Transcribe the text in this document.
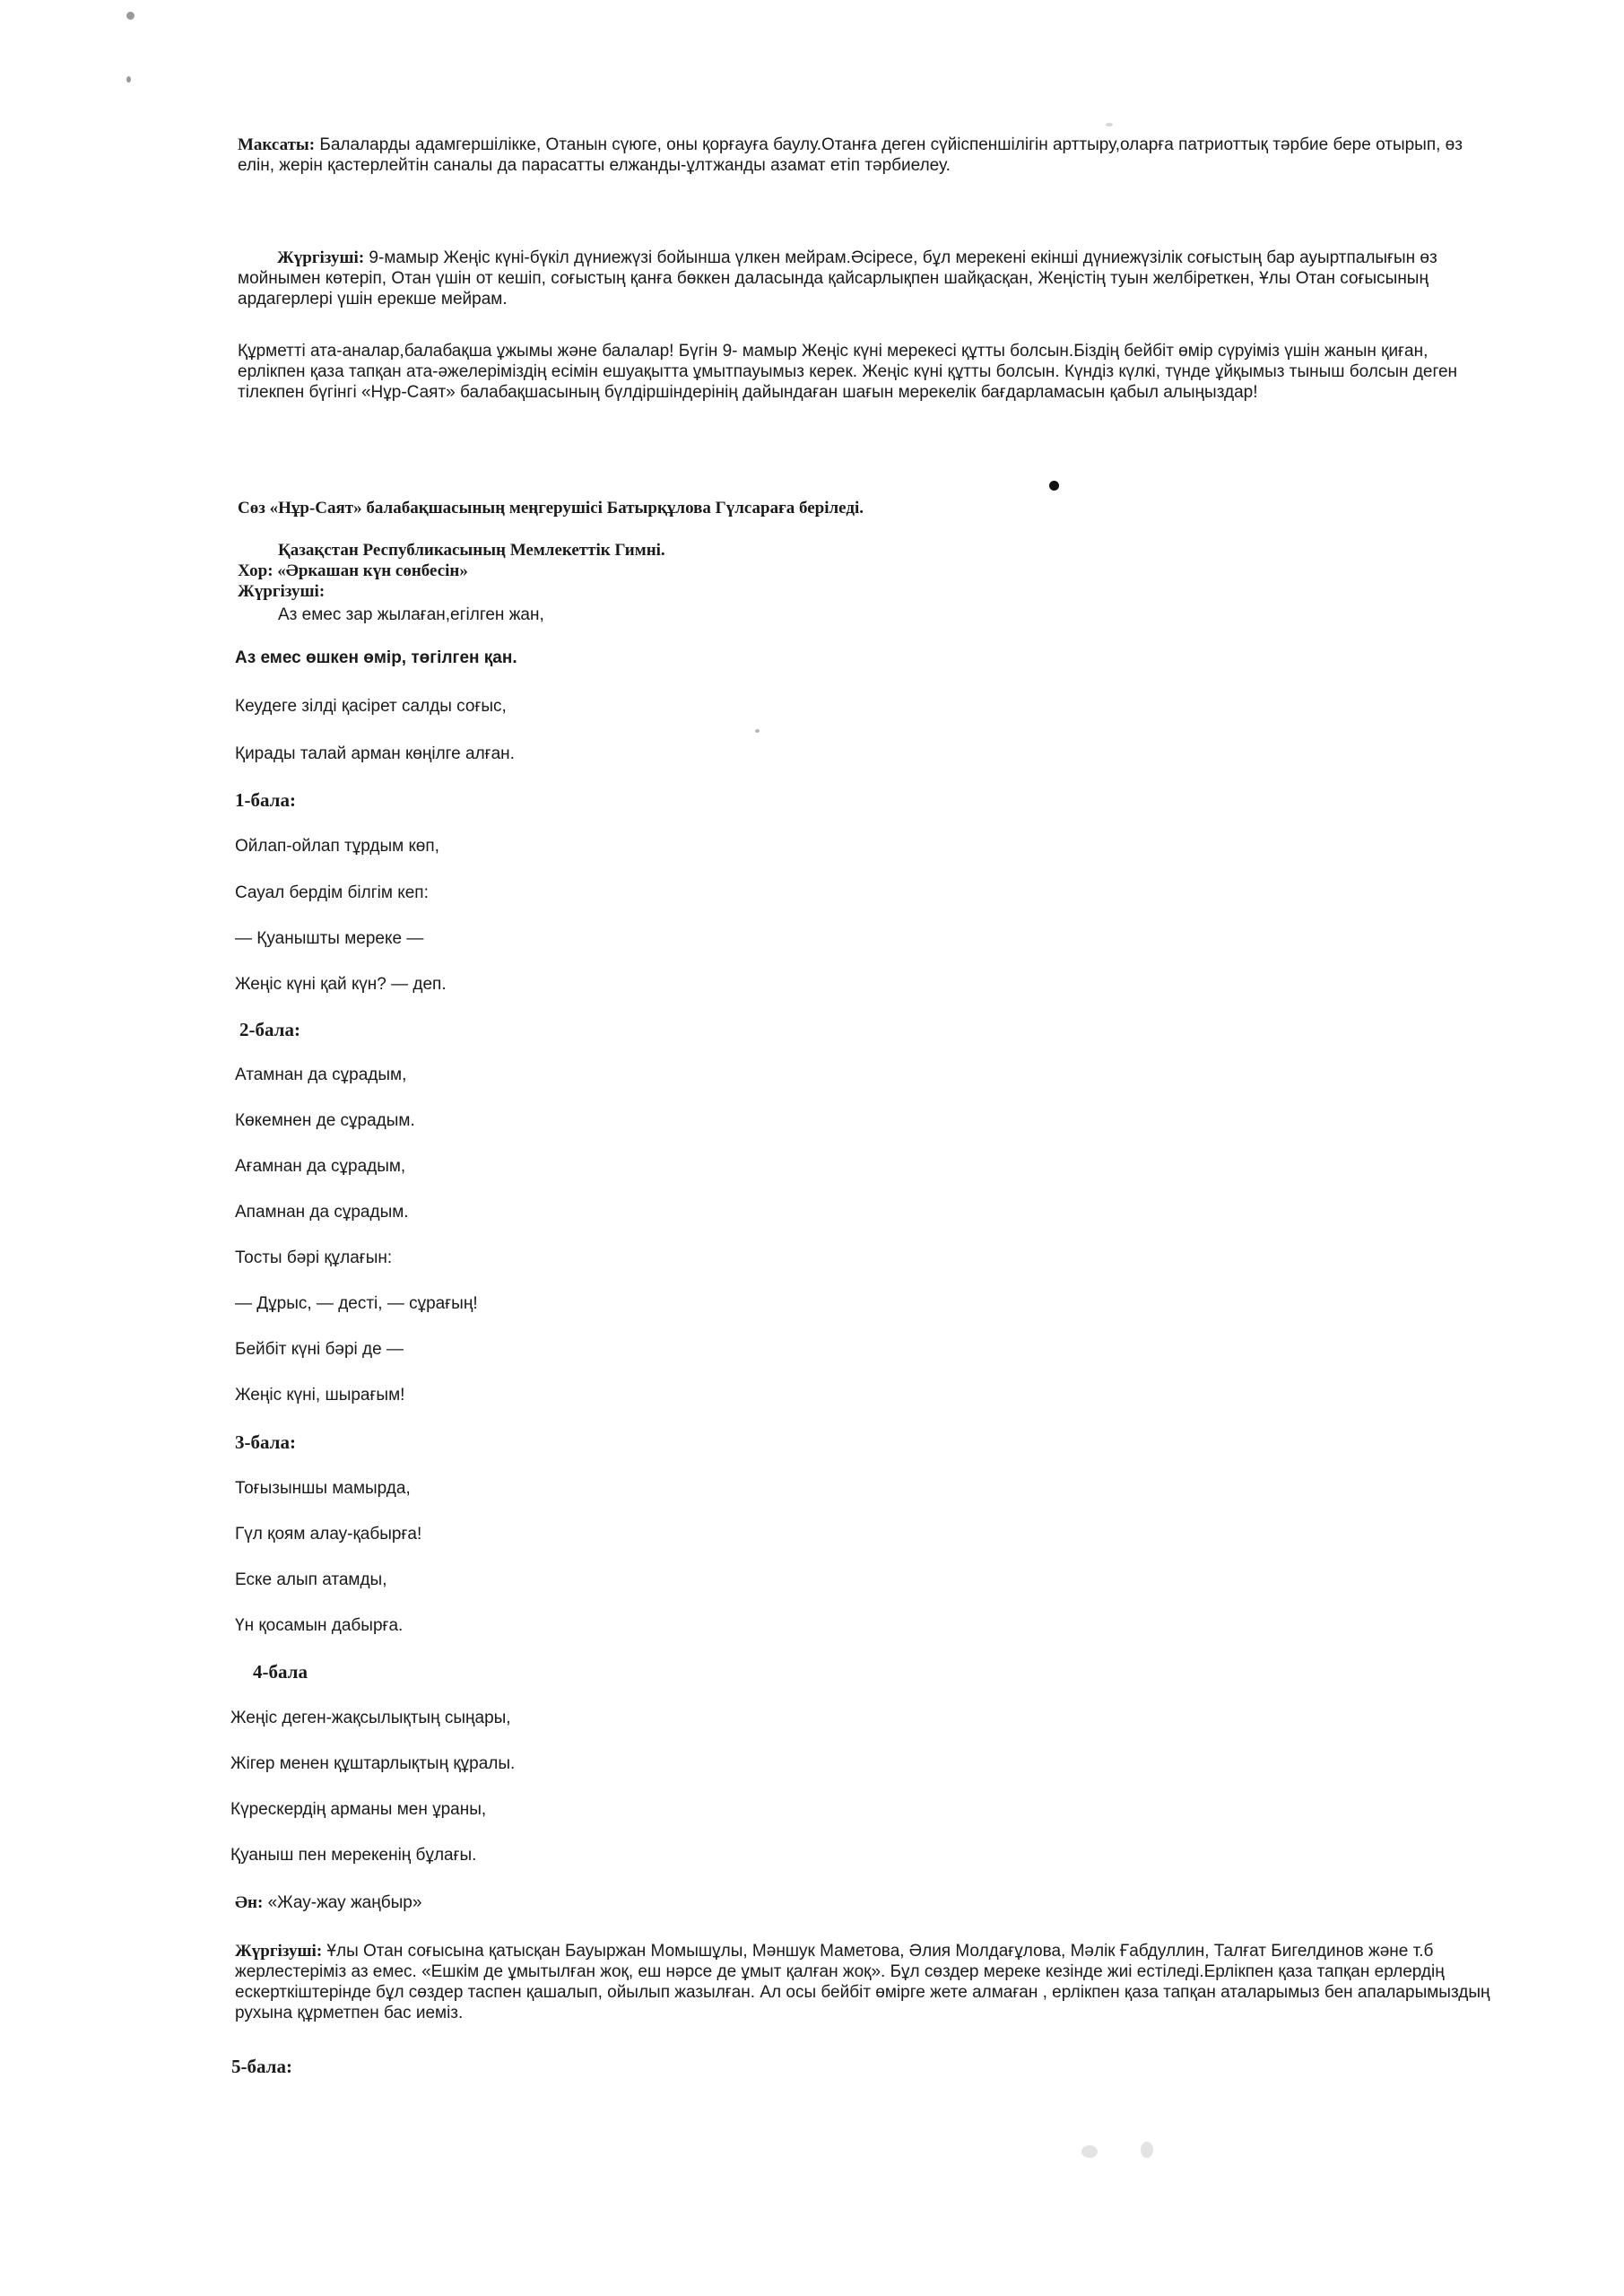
Максаты: Балаларды адамгершілікке, Отанын сүюге, оны қорғауға баулу.Отанға деген сүйіспеншілігін арттыру,оларға патриоттық тәрбие бере отырып, өз елін, жерін қастерлейтін саналы да парасатты елжанды-ұлтжанды азамат етіп тәрбиелеу.
Жүргізуші: 9-мамыр Жеңіс күні-бүкіл дүниежүзі бойынша үлкен мейрам.Әсіресе, бұл мерекені екінші дүниежүзілік соғыстың бар ауыртпалығын өз мойнымен көтеріп, Отан үшін от кешіп, соғыстың қанға бөккен даласында қайсарлықпен шайқасқан, Жеңістің туын желбіреткен, Ұлы Отан соғысының ардагерлері үшін ерекше мейрам.
Құрметті ата-аналар,балабақша ұжымы және балалар! Бүгін 9- мамыр Жеңіс күні мерекесі құтты болсын.Біздің бейбіт өмір сүруіміз үшін жанын қиған, ерлікпен қаза тапқан ата-әжелеріміздің есімін ешуақытта ұмытпауымыз керек. Жеңіс күні құтты болсын. Күндіз күлкі, түнде ұйқымыз тыныш болсын деген тілекпен бүгінгі «Нұр-Саят» балабақшасының бүлдіршіндерінің дайындаған шағын мерекелік бағдарламасын қабыл алыңыздар!
Сөз «Нұр-Саят» балабақшасының меңгерушісі Батырқұлова Гүлсараға беріледі.
Қазақстан Республикасының Мемлекеттік Гимні.
Хор: «Әркашан күн сөнбесін»
Жүргізуші:
Аз емес зар жылаған,егілген жан,
Аз емес өшкен өмір, төгілген қан.
Кеудеге зілді қасірет салды соғыс,
Қирады талай арман көңілге алған.
1-бала:
Ойлап-ойлап тұрдым көп,
Сауал бердім білгім кеп:
— Қуанышты мереке —
Жеңіс күні қай күн? — деп.
2-бала:
Атамнан да сұрадым,
Көкемнен де сұрадым.
Ағамнан да сұрадым,
Апамнан да сұрадым.
Тосты бәрі құлағын:
— Дұрыс, — десті, — сұрағың!
Бейбіт күні бәрі де —
Жеңіс күні, шырағым!
3-бала:
Тоғызыншы мамырда,
Гүл қоям алау-қабырға!
Еске алып атамды,
Үн қосамын дабырға.
4-бала
Жеңіс деген-жақсылықтың сыңары,
Жігер менен құштарлықтың құралы.
Күрескердің арманы мен ұраны,
Қуаныш пен мерекенің бұлағы.
Ән: «Жау-жау жаңбыр»
Жүргізуші: Ұлы Отан соғысына қатысқан Бауыржан Момышұлы, Мәншук Маметова, Әлия Молдағұлова, Мәлік Ғабдуллин, Талғат Бигелдинов және т.б жерлестеріміз аз емес. «Ешкім де ұмытылған жоқ, еш нәрсе де ұмыт қалған жоқ». Бұл сөздер мереке кезінде жиі естіледі.Ерлікпен қаза тапқан ерлердің ескерткіштерінде бұл сөздер таспен қашалып, ойылып жазылған. Ал осы бейбіт өмірге жете алмаған , ерлікпен қаза тапқан аталарымыз бен апаларымыздың рухына құрметпен бас иеміз.
5-бала:
